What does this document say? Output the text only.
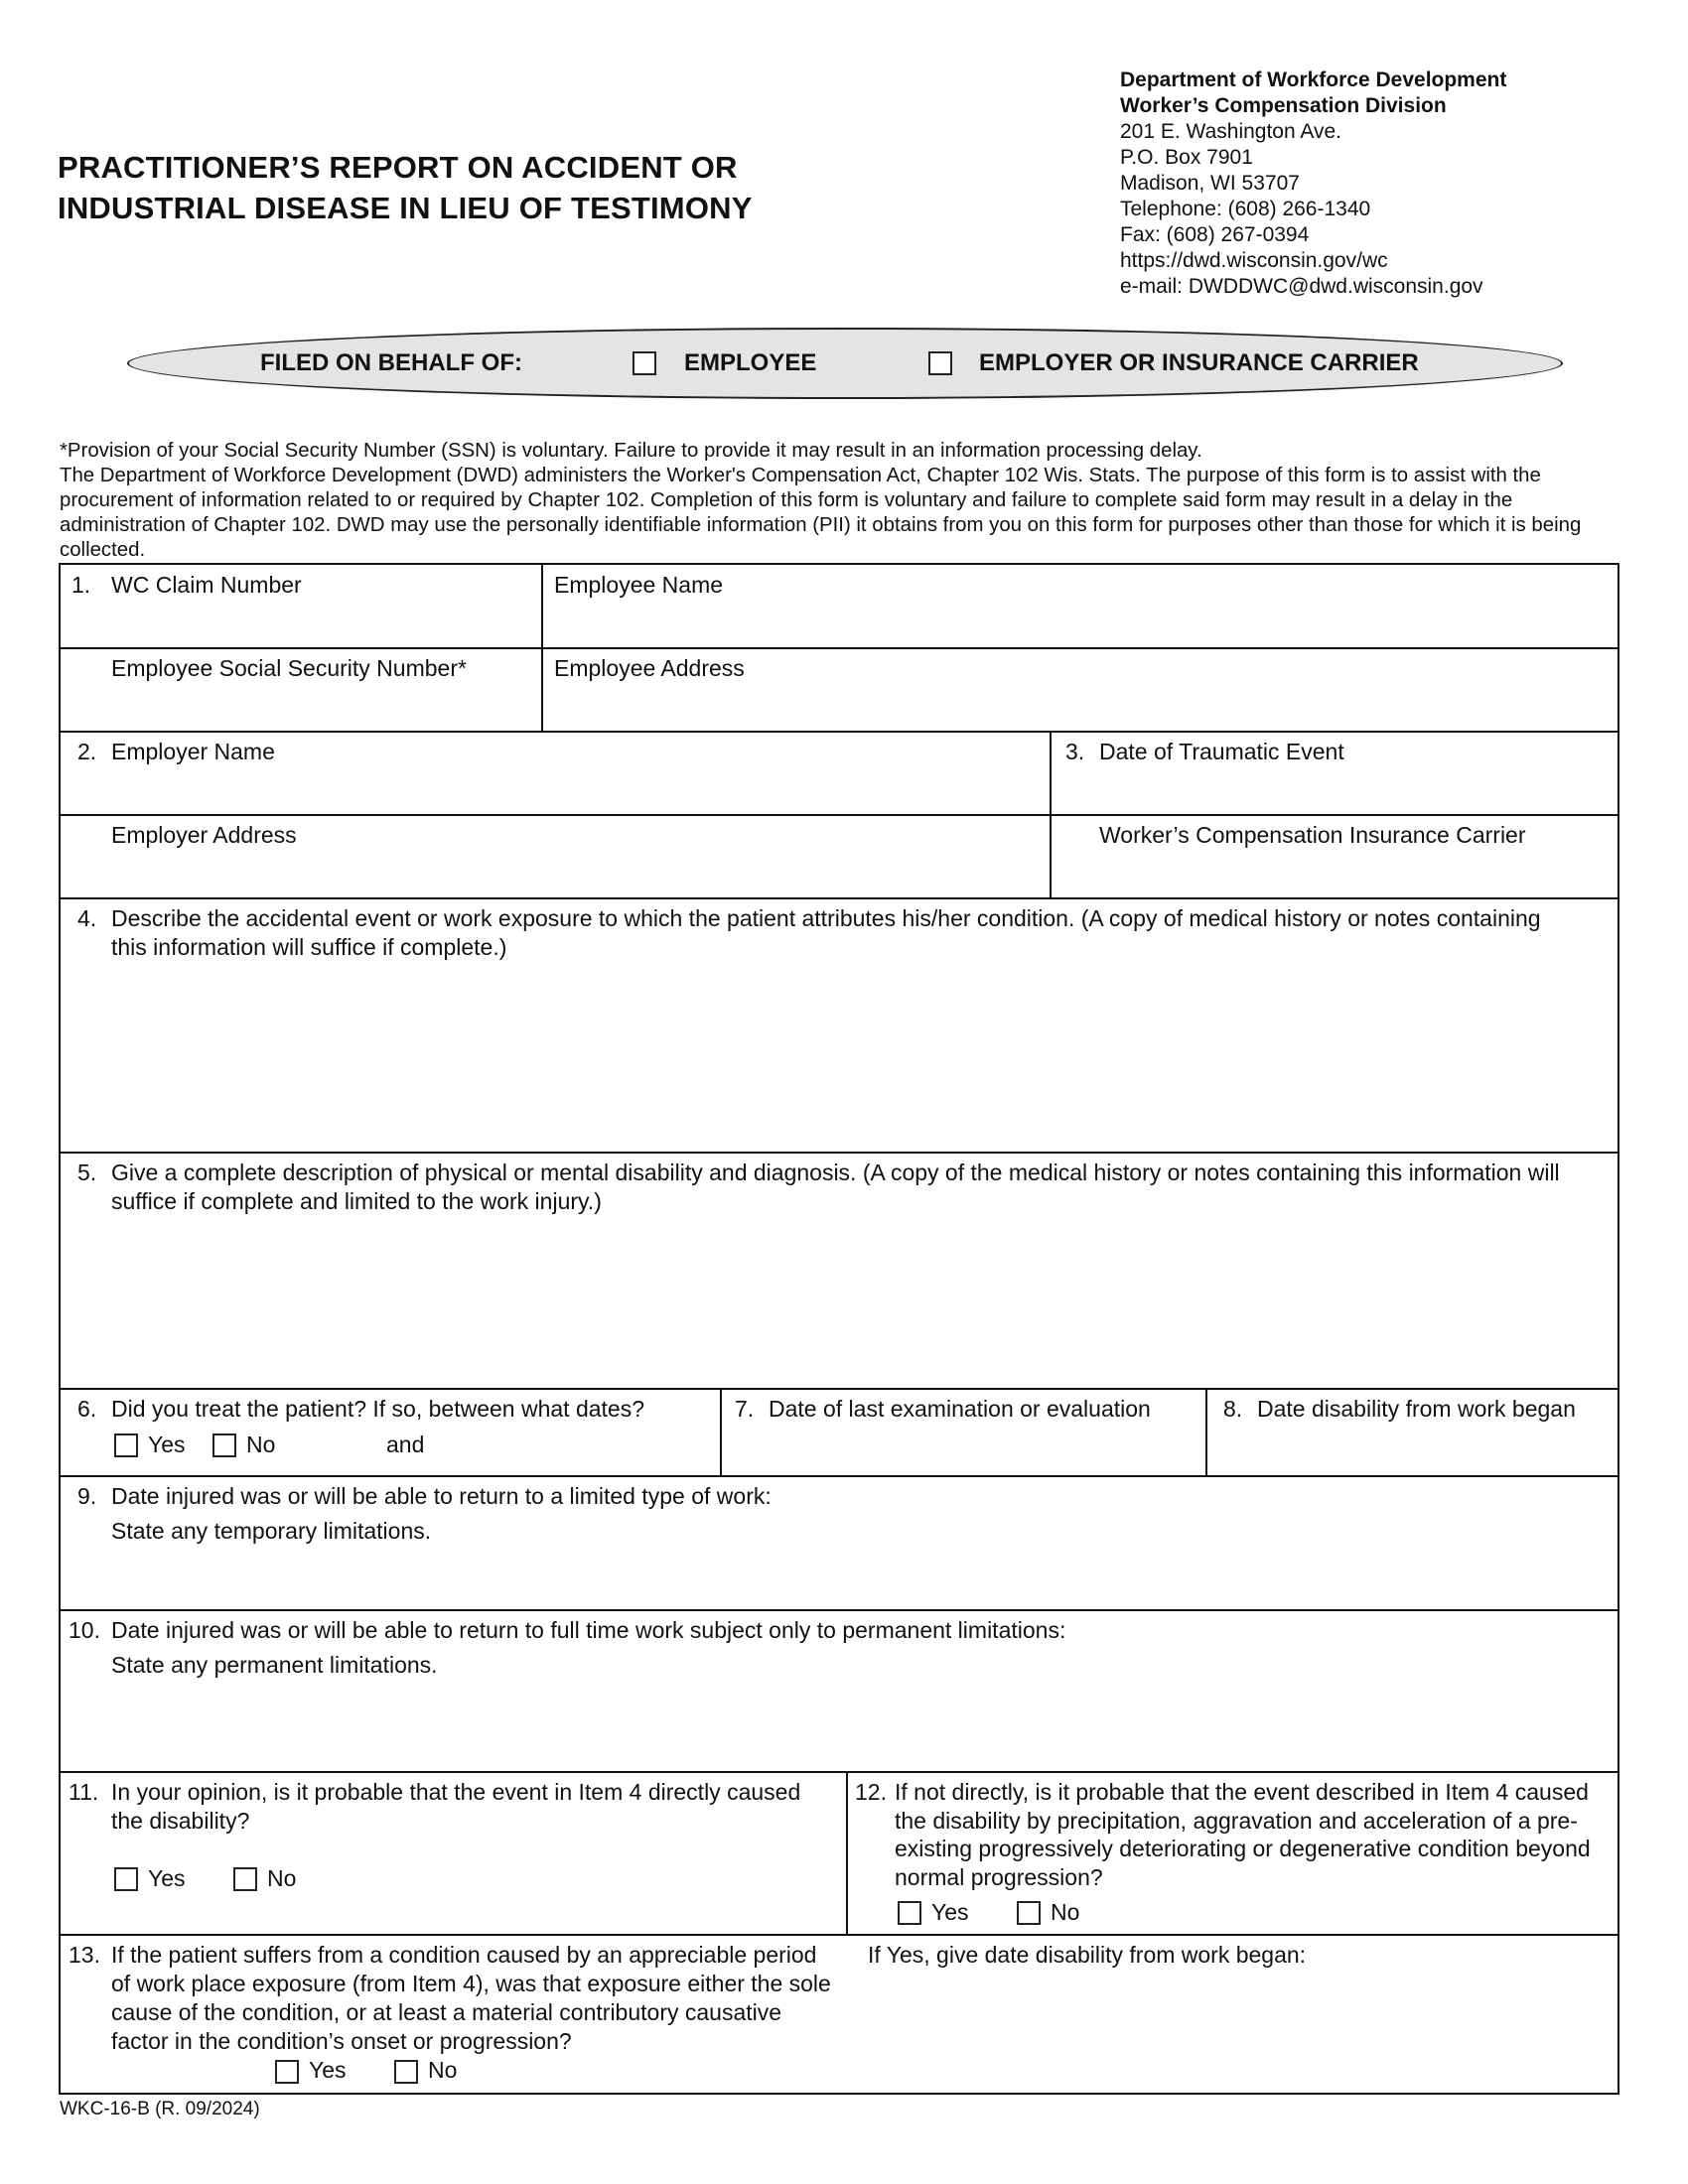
PRACTITIONER’S REPORT ON ACCIDENT OR
INDUSTRIAL DISEASE IN LIEU OF TESTIMONY
Department of Workforce Development
Worker’s Compensation Division
201 E. Washington Ave.
P.O. Box 7901
Madison, WI 53707
Telephone: (608) 266-1340
Fax: (608) 267-0394
https://dwd.wisconsin.gov/wc
e-mail: DWDDWC@dwd.wisconsin.gov
FILED ON BEHALF OF:	EMPLOYEE	EMPLOYER OR INSURANCE CARRIER
*Provision of your Social Security Number (SSN) is voluntary. Failure to provide it may result in an information processing delay.
The Department of Workforce Development (DWD) administers the Worker's Compensation Act, Chapter 102 Wis. Stats. The purpose of this form is to assist with the procurement of information related to or required by Chapter 102. Completion of this form is voluntary and failure to complete said form may result in a delay in the administration of Chapter 102. DWD may use the personally identifiable information (PII) it obtains from you on this form for purposes other than those for which it is being collected.
1. WC Claim Number	Employee Name
Employee Social Security Number*	Employee Address
2. Employer Name	3. Date of Traumatic Event
Employer Address	Worker’s Compensation Insurance Carrier
4. Describe the accidental event or work exposure to which the patient attributes his/her condition. (A copy of medical history or notes containing this information will suffice if complete.)
5. Give a complete description of physical or mental disability and diagnosis. (A copy of the medical history or notes containing this information will suffice if complete and limited to the work injury.)
6. Did you treat the patient? If so, between what dates?
Yes	No	and
7. Date of last examination or evaluation	8. Date disability from work began
9. Date injured was or will be able to return to a limited type of work:
State any temporary limitations.
10. Date injured was or will be able to return to full time work subject only to permanent limitations:
State any permanent limitations.
11. In your opinion, is it probable that the event in Item 4 directly caused the disability?
Yes	No
12. If not directly, is it probable that the event described in Item 4 caused the disability by precipitation, aggravation and acceleration of a pre-existing progressively deteriorating or degenerative condition beyond normal progression?
Yes	No
13. If the patient suffers from a condition caused by an appreciable period of work place exposure (from Item 4), was that exposure either the sole cause of the condition, or at least a material contributory causative factor in the condition’s onset or progression?
Yes	No
If Yes, give date disability from work began:
WKC-16-B (R. 09/2024)
